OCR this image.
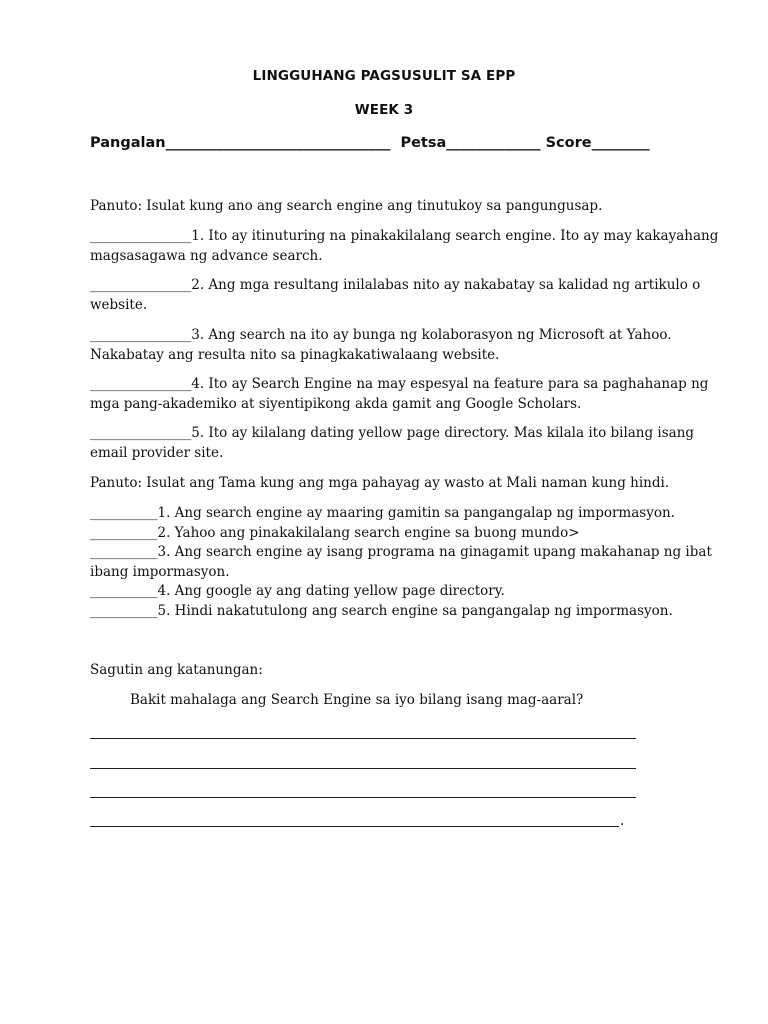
LINGGUHANG PAGSUSULIT SA EPP
WEEK 3
Pangalan_______________________________ Petsa_____________ Score________
Panuto: Isulat kung ano ang search engine ang tinutukoy sa pangungusap.
_______________1. Ito ay itinuturing na pinakakilalang search engine. Ito ay may kakayahang
magsasagawa ng advance search.
_______________2. Ang mga resultang inilalabas nito ay nakabatay sa kalidad ng artikulo o
website.
_______________3. Ang search na ito ay bunga ng kolaborasyon ng Microsoft at Yahoo.
Nakabatay ang resulta nito sa pinagkakatiwalaang website.
_______________4. Ito ay Search Engine na may espesyal na feature para sa paghahanap ng
mga pang-akademiko at siyentipikong akda gamit ang Google Scholars.
_______________5. Ito ay kilalang dating yellow page directory. Mas kilala ito bilang isang
email provider site.
Panuto: Isulat ang Tama kung ang mga pahayag ay wasto at Mali naman kung hindi.
__________1. Ang search engine ay maaring gamitin sa pangangalap ng impormasyon.
__________2. Yahoo ang pinakakilalang search engine sa buong mundo>
__________3. Ang search engine ay isang programa na ginagamit upang makahanap ng ibat
ibang impormasyon.
__________4. Ang google ay ang dating yellow page directory.
__________5. Hindi nakatutulong ang search engine sa pangangalap ng impormasyon.
Sagutin ang katanungan:
Bakit mahalaga ang Search Engine sa iyo bilang isang mag-aaral?
.
